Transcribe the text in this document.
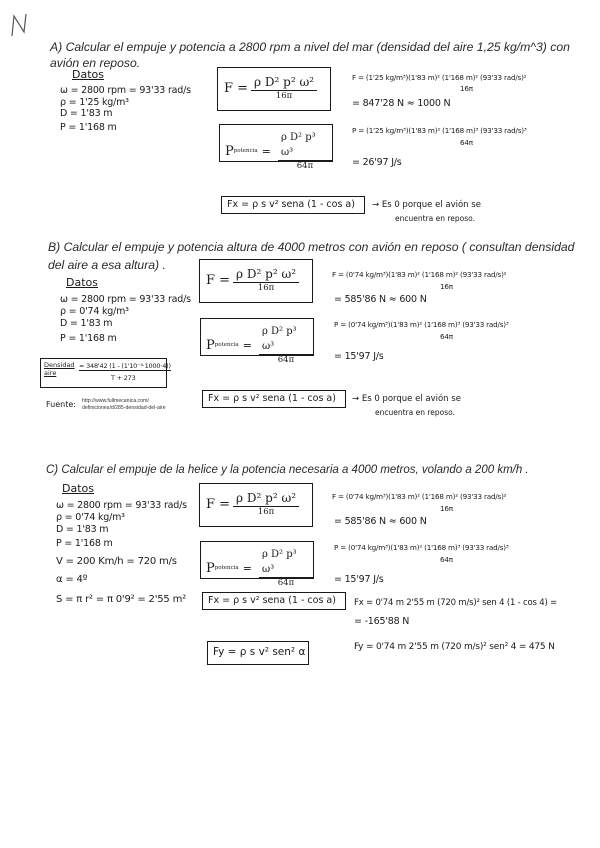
A) Calcular el empuje y potencia a 2800 rpm a nivel del mar (densidad del aire 1,25 kg/m^3) con
avión en reposo.
Datos
ω = 2800 rpm = 93'33 rad/s
ρ = 1'25 kg/m³
D = 1'83 m
P = 1'168 m
$F = \frac{\text{ρ D² p² ω²}}{16\pi}$
P potencia = $\frac{\text{ρ D² p³ ω³}}{64\pi}$
F = (1'25 kg/m³)(1'83 m)² (1'168 m)² (93'33 rad/s)²
16π
= 847'28 N ≈ 1000 N
P = (1'25 kg/m³)(1'83 m)² (1'168 m)³ (93'33 rad/s)³
64π
= 26'97 J/s
Fx = ρ s v² sena (1 - cos a) → Es 0 porque el avión se
encuentra en reposo.
B) Calcular el empuje y potencia altura de 4000 metros con avión en reposo ( consultan densidad
del aire a esa altura) .
Datos
ω = 2800 rpm = 93'33 rad/s
ρ = 0'74 kg/m³
D = 1'83 m
P = 1'168 m
Densidad aire
= 348'42 (1 - (1'10⁻⁴·1000·4))
T + 273
Fuente: http://www.fullmecanica.com/
definiciones/d/285-densidad-del-aire
$F = \frac{\text{ρ D² p² ω²}}{16\pi}$
P potencia = $\frac{\text{ρ D² p³ ω³}}{64\pi}$
F = (0'74 kg/m³)(1'83 m)² (1'168 m)² (93'33 rad/s)²
16π
= 585'86 N ≈ 600 N
P = (0'74 kg/m³)(1'83 m)² (1'168 m)³ (93'33 rad/s)³
64π
= 15'97 J/s
Fx = ρ s v² sena (1 - cos a) → Es 0 porque el avión se
encuentra en reposo.
C) Calcular el empuje de la helice y la potencia necesaria a 4000 metros, volando a 200 km/h .
Datos
ω = 2800 rpm = 93'33 rad/s
ρ = 0'74 kg/m³
D = 1'83 m
P = 1'168 m
V = 200 Km/h = 720 m/s
α = 4º
S = π r² = π 0'9² = 2'55 m²
$F = \frac{\text{ρ D² p² ω²}}{16\pi}$
P potencia = $\frac{\text{ρ D² p³ ω³}}{64\pi}$
F = (0'74 kg/m³)(1'83 m)² (1'168 m)² (93'33 rad/s)²
16π
= 585'86 N ≈ 600 N
P = (0'74 kg/m³)(1'83 m)² (1'168 m)³ (93'33 rad/s)³
64π
= 15'97 J/s
Fx = ρ s v² sena (1 - cos a) Fx = 0'74 m 2'55 m (720 m/s)² sen 4 (1 - cos 4) =
= -165'88 N
Fy = ρ s v² sen² α	Fy = 0'74 m 2'55 m (720 m/s)² sen² 4 = 475 N
